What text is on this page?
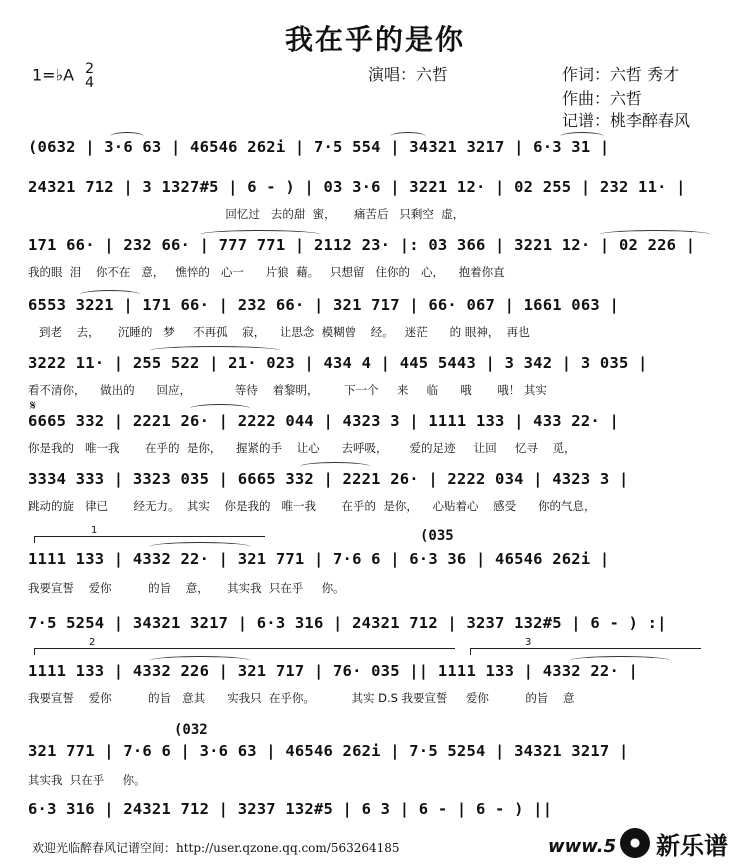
我在乎的是你
1=♭A 2
4	演唱：六哲	作词：六哲 秀才
作曲：六哲
记谱：桃李醉春风
(0632 | 3·6 63 | 46546 262i | 7·5 554 | 34321 3217 | 6·3 31 |
24321 712 | 3 1327#5 | 6 - ) | 03 3·6 | 3221 12· | 02 255 | 232 11· |
回忆过   去的甜  蜜，     痛苦后   只剩空  虚，
171 66· | 232 66· | 777 771 | 2112 23· |: 03 366 | 3221 12· | 02 226 |
我的眼  泪    你不在   意，   憔悴的   心一      片狼  藉。   只想留   住你的   心，    抱着你直
6553 3221 | 171 66· | 232 66· | 321 717 | 66· 067 | 1661 063 |
到老    去，     沉睡的   梦     不再孤    寂，    让思念  模糊曾    经。   迷茫      的 眼神，  再也
3222 11· | 255 522 | 21· 023 | 434 4 | 445 5443 | 3 342 | 3 035 |
看不清你，    做出的      回应，            等待    着黎明，       下一个     来     临      哦       哦！ 其实
𝄋
6665 332 | 2221 26· | 2222 044 | 4323 3 | 1111 133 | 433 22· |
你是我的   唯一我       在乎的  是你，    握紧的手    让心      去呼吸，      爱的足迹     让回     忆寻    觅，
3334 333 | 3323 035 | 6665 332 | 2221 26· | 2222 034 | 4323 3 |
跳动的旋   律已       经无力。  其实    你是我的   唯一我       在乎的  是你，    心贴着心    感受      你的气息，
1	(035
1111 133 | 4332 22· | 321 771 | 7·6 6 | 6·3 36 | 46546 262i |
我要宣誓    爱你          的旨    意，     其实我  只在乎     你。
7·5 5254 | 34321 3217 | 6·3 316 | 24321 712 | 3237 132#5 | 6 - ) :|
2	3
1111 133 | 4332 226 | 321 717 | 76· 035 || 1111 133 | 4332 22· |
我要宣誓    爱你          的旨   意其      实我只  在乎你。          其实 D.S 我要宣誓     爱你          的旨    意
(032
321 771 | 7·6 6 | 3·6 63 | 46546 262i | 7·5 5254 | 34321 3217 |
其实我  只在乎     你。
6·3 316 | 24321 712 | 3237 132#5 | 6 3 | 6 - | 6 - ) ||
欢迎光临醉春风记谱空间：http://user.qzone.qq.com/563264185	www.5 新乐谱
